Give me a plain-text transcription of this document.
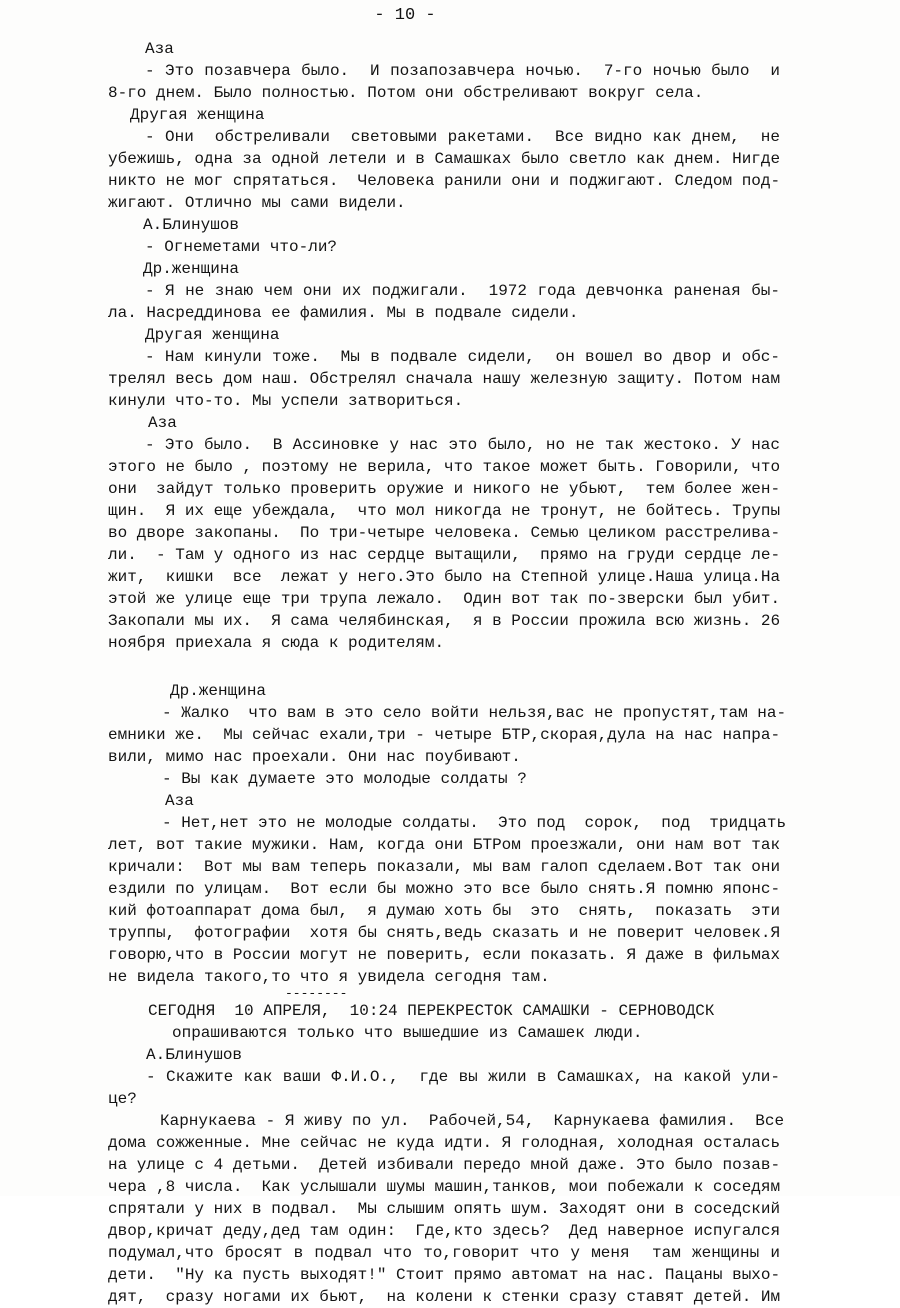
- 10 -
Аза
- Это позавчера было.  И позапозавчера ночью.  7-го ночью было  и
8-го днем. Было полностью. Потом они обстреливают вокруг села.
Другая женщина
- Они  обстреливали  световыми ракетами.  Все видно как днем,  не
убежишь, одна за одной летели и в Самашках было светло как днем. Нигде
никто не мог спрятаться.  Человека ранили они и поджигают. Следом под-
жигают. Отлично мы сами видели.
А.Блинушов
- Огнеметами что-ли?
Др.женщина
- Я не знаю чем они их поджигали.  1972 года девчонка раненая бы-
ла. Насреддинова ее фамилия. Мы в подвале сидели.
Другая женщина
- Нам кинули тоже.  Мы в подвале сидели,  он вошел во двор и обс-
трелял весь дом наш. Обстрелял сначала нашу железную защиту. Потом нам
кинули что-то. Мы успели затвориться.
Аза
- Это было.  В Ассиновке у нас это было, но не так жестоко. У нас
этого не было , поэтому не верила, что такое может быть. Говорили, что
они  зайдут только проверить оружие и никого не убьют,  тем более жен-
щин.  Я их еще убеждала,  что мол никогда не тронут, не бойтесь. Трупы
во дворе закопаны.  По три-четыре человека. Семью целиком расстрелива-
ли.  - Там у одного из нас сердце вытащили,  прямо на груди сердце ле-
жит,  кишки  все  лежат у него.Это было на Степной улице.Наша улица.На
этой же улице еще три трупа лежало.  Один вот так по-зверски был убит.
Закопали мы их.  Я сама челябинская,  я в России прожила всю жизнь. 26
ноября приехала я сюда к родителям.
Др.женщина
- Жалко  что вам в это село войти нельзя,вас не пропустят,там на-
емники же.  Мы сейчас ехали,три - четыре БТР,скорая,дула на нас напра-
вили, мимо нас проехали. Они нас поубивают.
- Вы как думаете это молодые солдаты ?
Аза
- Нет,нет это не молодые солдаты.  Это под  сорок,  под  тридцать
лет, вот такие мужики. Нам, когда они БТРом проезжали, они нам вот так
кричали:  Вот мы вам теперь показали, мы вам галоп сделаем.Вот так они
ездили по улицам.  Вот если бы можно это все было снять.Я помню японс-
кий фотоаппарат дома был,  я думаю хоть бы  это  снять,  показать  эти
труппы,  фотографии  хотя бы снять,ведь сказать и не поверит человек.Я
говорю,что в России могут не поверить, если показать. Я даже в фильмах
не видела такого,то что я увидела сегодня там.
--------
СЕГОДНЯ  10 АПРЕЛЯ,  10:24 ПЕРЕКРЕСТОК САМАШКИ - СЕРНОВОДСК
опрашиваются только что вышедшие из Самашек люди.
А.Блинушов
- Скажите как ваши Ф.И.О.,  где вы жили в Самашках, на какой ули-
це?
Карнукаева - Я живу по ул.  Рабочей,54,  Карнукаева фамилия.  Все
дома сожженные. Мне сейчас не куда идти. Я голодная, холодная осталась
на улице с 4 детьми.  Детей избивали передо мной даже. Это было позав-
чера ,8 числа.  Как услышали шумы машин,танков, мои побежали к соседям
спрятали у них в подвал.  Мы слышим опять шум. Заходят они в соседский
двор,кричат деду,дед там один:  Где,кто здесь?  Дед наверное испугался
подумал,что бросят в подвал что то,говорит что у меня  там женщины и
дети.  "Ну ка пусть выходят!" Стоит прямо автомат на нас. Пацаны выхо-
дят,  сразу ногами их бьют,  на колени к стенки сразу ставят детей. Им
